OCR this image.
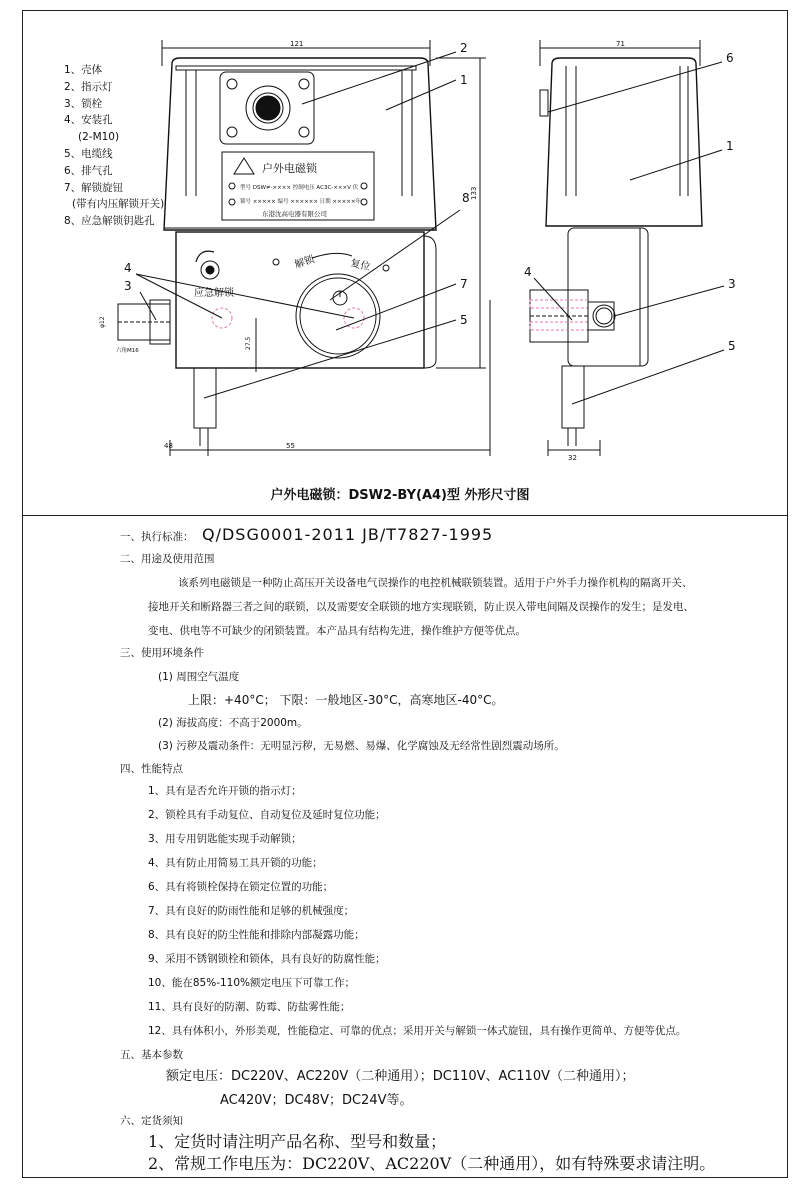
1、壳体
2、指示灯
3、锁栓
4、安装孔
(2-M10)
5、电缆线
6、排气孔
7、解锁旋钮
(带有内压解锁开关)
8、应急解锁钥匙孔
121
户外电磁锁
型号 DSW≠-×××× 控制电压 AC3C-×××V 伏
锁号 ××××× 编号 ×××××× 日期 ×××××年
东港沈高电器有限公司
应急解锁
解锁	复位
φ12
六角M16
27.5
48	55
133
2
1
8
7
5
4
3
71
32
6
1
4
3
5
户外电磁锁：DSW2-BY(A4)型 外形尺寸图
一、执行标准： Q/DSG0001-2011 JB/T7827-1995
二、用途及使用范围
该系列电磁锁是一种防止高压开关设备电气误操作的电控机械联锁装置。适用于户外手力操作机构的隔离开关、
接地开关和断路器三者之间的联锁，以及需要安全联锁的地方实现联锁，防止误入带电间隔及误操作的发生；是发电、
变电、供电等不可缺少的闭锁装置。本产品具有结构先进，操作维护方便等优点。
三、使用环境条件
(1) 周围空气温度
上限：+40°C； 下限：一般地区-30°C，高寒地区-40°C。
(2) 海拔高度：不高于2000m。
(3) 污秽及震动条件：无明显污秽，无易燃、易爆、化学腐蚀及无经常性剧烈震动场所。
四、性能特点
1、具有是否允许开锁的指示灯；
2、锁栓具有手动复位、自动复位及延时复位功能；
3、用专用钥匙能实现手动解锁；
4、具有防止用简易工具开锁的功能；
6、具有将锁栓保持在锁定位置的功能；
7、具有良好的防雨性能和足够的机械强度；
8、具有良好的防尘性能和排除内部凝露功能；
9、采用不锈钢锁栓和锁体，具有良好的防腐性能；
10、能在85%-110%额定电压下可靠工作；
11、具有良好的防潮、防霉、防盐雾性能；
12、具有体积小，外形美观，性能稳定、可靠的优点；采用开关与解锁一体式旋钮，具有操作更简单、方便等优点。
五、基本参数
额定电压：DC220V、AC220V（二种通用）；DC110V、AC110V（二种通用）；
AC420V；DC48V；DC24V等。
六、定货须知
1、定货时请注明产品名称、型号和数量；
2、常规工作电压为：DC220V、AC220V（二种通用），如有特殊要求请注明。
